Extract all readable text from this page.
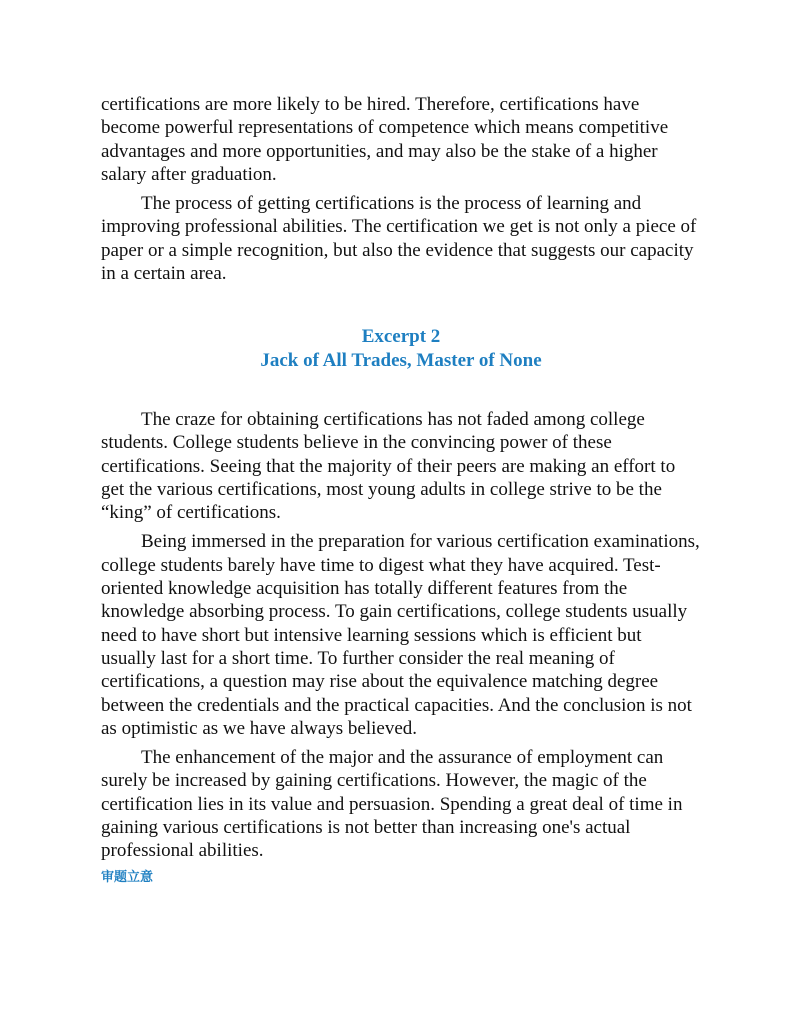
certifications are more likely to be hired. Therefore, certifications have become powerful representations of competence which means competitive advantages and more opportunities, and may also be the stake of a higher salary after graduation.

The process of getting certifications is the process of learning and improving professional abilities. The certification we get is not only a piece of paper or a simple recognition, but also the evidence that suggests our capacity in a certain area.

Excerpt 2
Jack of All Trades, Master of None

The craze for obtaining certifications has not faded among college students. College students believe in the convincing power of these certifications. Seeing that the majority of their peers are making an effort to get the various certifications, most young adults in college strive to be the “king” of certifications.

Being immersed in the preparation for various certification examinations, college students barely have time to digest what they have acquired. Test-oriented knowledge acquisition has totally different features from the knowledge absorbing process. To gain certifications, college students usually need to have short but intensive learning sessions which is efficient but usually last for a short time. To further consider the real meaning of certifications, a question may rise about the equivalence matching degree between the credentials and the practical capacities. And the conclusion is not as optimistic as we have always believed.

The enhancement of the major and the assurance of employment can surely be increased by gaining certifications. However, the magic of the certification lies in its value and persuasion. Spending a great deal of time in gaining various certifications is not better than increasing one's actual professional abilities.

审题立意
